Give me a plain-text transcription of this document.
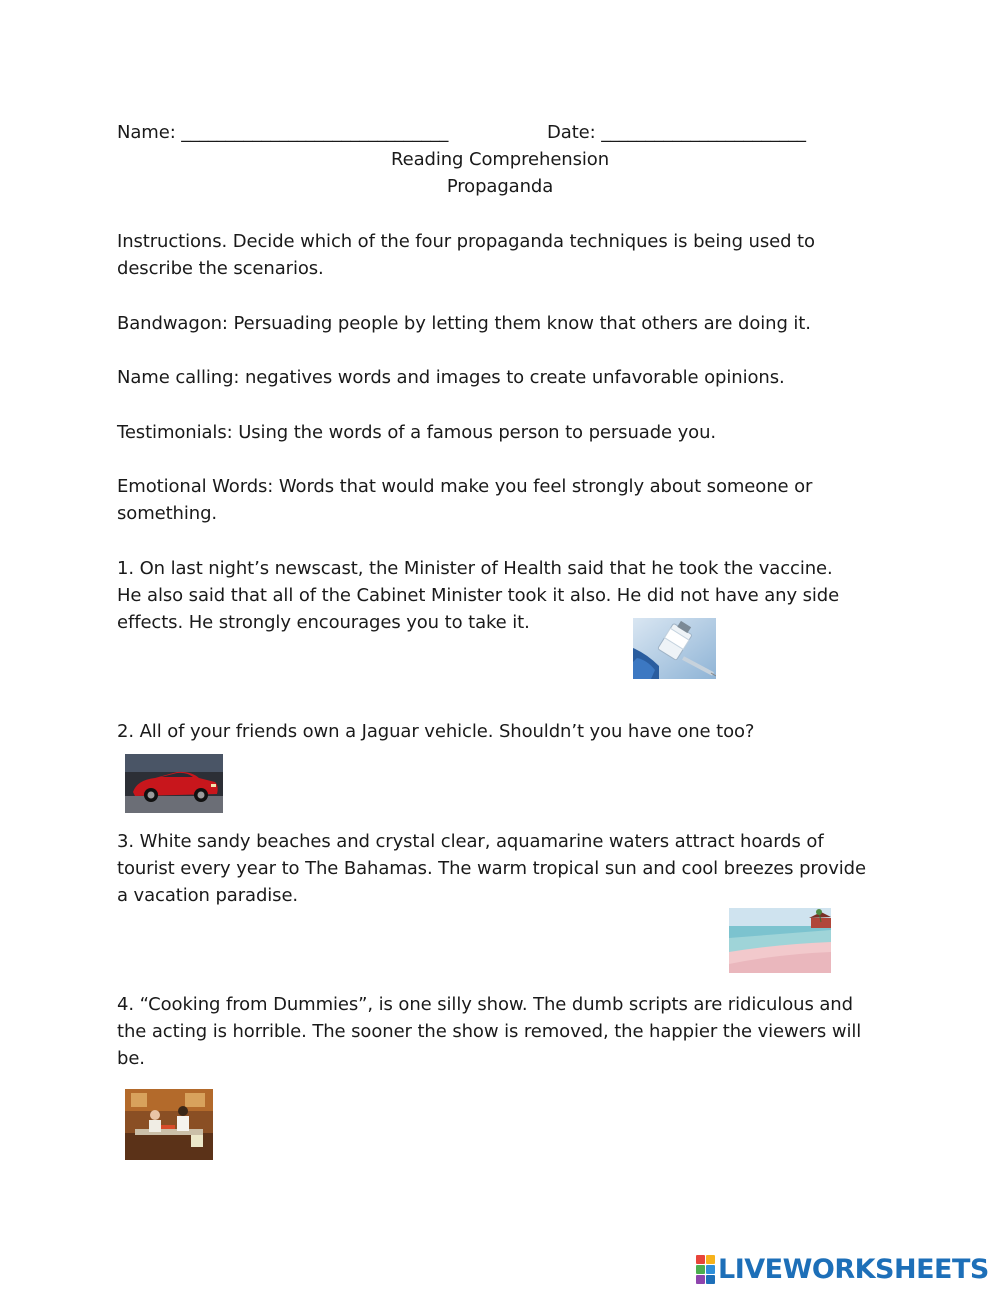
Name: ______________________________	Date: _______________________
Reading Comprehension
Propaganda
Instructions. Decide which of the four propaganda techniques is being used to
describe the scenarios.
Bandwagon: Persuading people by letting them know that others are doing it.
Name calling: negatives words and images to create unfavorable opinions.
Testimonials: Using the words of a famous person to persuade you.
Emotional Words: Words that would make you feel strongly about someone or
something.
1. On last night’s newscast, the Minister of Health said that he took the vaccine.
He also said that all of the Cabinet Minister took it also. He did not have any side
effects. He strongly encourages you to take it.
2. All of your friends own a Jaguar vehicle. Shouldn’t you have one too?
3. White sandy beaches and crystal clear, aquamarine waters attract hoards of
tourist every year to The Bahamas. The warm tropical sun and cool breezes provide
a vacation paradise.
4. “Cooking from Dummies”, is one silly show. The dumb scripts are ridiculous and
the acting is horrible. The sooner the show is removed, the happier the viewers will
be.
LIVEWORKSHEETS
